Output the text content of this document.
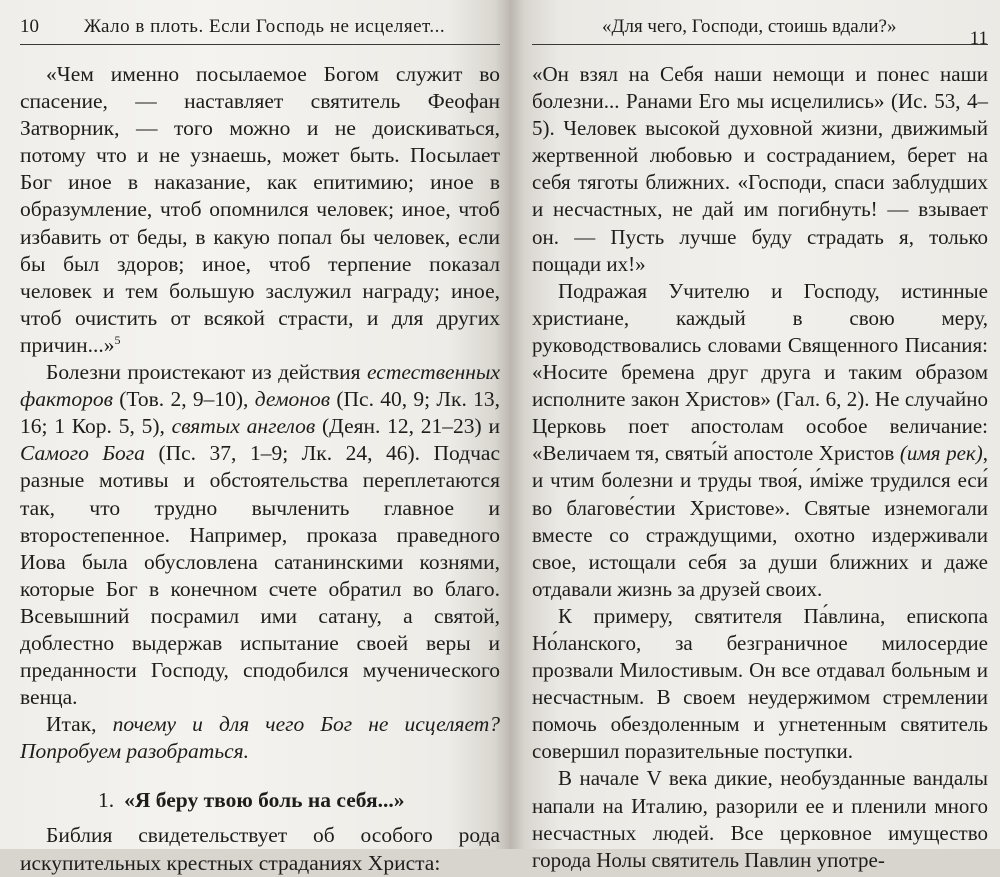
10 Жало в плоть. Если Господь не исцеляет...

«Чем именно посылаемое Богом служит во спасение, — наставляет святитель Феофан Затворник, — того можно и не доискиваться, потому что и не узнаешь, может быть. Посылает Бог иное в наказание, как епитимию; иное в образумление, чтоб опомнился человек; иное, чтоб избавить от беды, в какую попал бы человек, если бы был здоров; иное, чтоб терпение показал человек и тем большую заслужил награду; иное, чтоб очистить от всякой страсти, и для других причин...»$^5$

Болезни проистекают из действия естественных факторов (Тов. 2, 9–10), демонов (Пс. 40, 9; Лк. 13, 16; 1 Кор. 5, 5), святых ангелов (Деян. 12, 21–23) и Самого Бога (Пс. 37, 1–9; Лк. 24, 46). Подчас разные мотивы и обстоятельства переплетаются так, что трудно вычленить главное и второстепенное. Например, проказа праведного Иова была обусловлена сатанинскими кознями, которые Бог в конечном счете обратил во благо. Всевышний посрамил ими сатану, а святой, доблестно выдержав испытание своей веры и преданности Господу, сподобился мученического венца.

Итак, почему и для чего Бог не исцеляет? Попробуем разобраться.

1. «Я беру твою боль на себя...»

Библия свидетельствует об особого рода искупительных крестных страданиях Христа:

«Для чего, Господи, стоишь вдали?»
11

«Он взял на Себя наши немощи и понес наши болезни... Ранами Его мы исцелились» (Ис. 53, 4–5). Человек высокой духовной жизни, движимый жертвенной любовью и состраданием, берет на себя тяготы ближних. «Господи, спаси заблудших и несчастных, не дай им погибнуть! — взывает он. — Пусть лучше буду страдать я, только пощади их!»

Подражая Учителю и Господу, истинные христиане, каждый в свою меру, руководствовались словами Священного Писания: «Носите бремена друг друга и таким образом исполните закон Христов» (Гал. 6, 2). Не случайно Церковь поет апостолам особое величание: «Величаем тя, святы́й апостоле Христов (имя рек), и чтим болезни и труды твоя́, и́мiже трудился еси́ во благове́стии Христове». Святые изнемогали вместе со страждущими, охотно издерживали свое, истощали себя за души ближних и даже отдавали жизнь за друзей своих.

К примеру, святителя Па́влина, епископа Но́ланского, за безграничное милосердие прозвали Милостивым. Он все отдавал больным и несчастным. В своем неудержимом стремлении помочь обездоленным и угнетенным святитель совершил поразительные поступки.

В начале V века дикие, необузданные вандалы напали на Италию, разорили ее и пленили много несчастных людей. Все церковное имущество города Нолы святитель Павлин употре-
